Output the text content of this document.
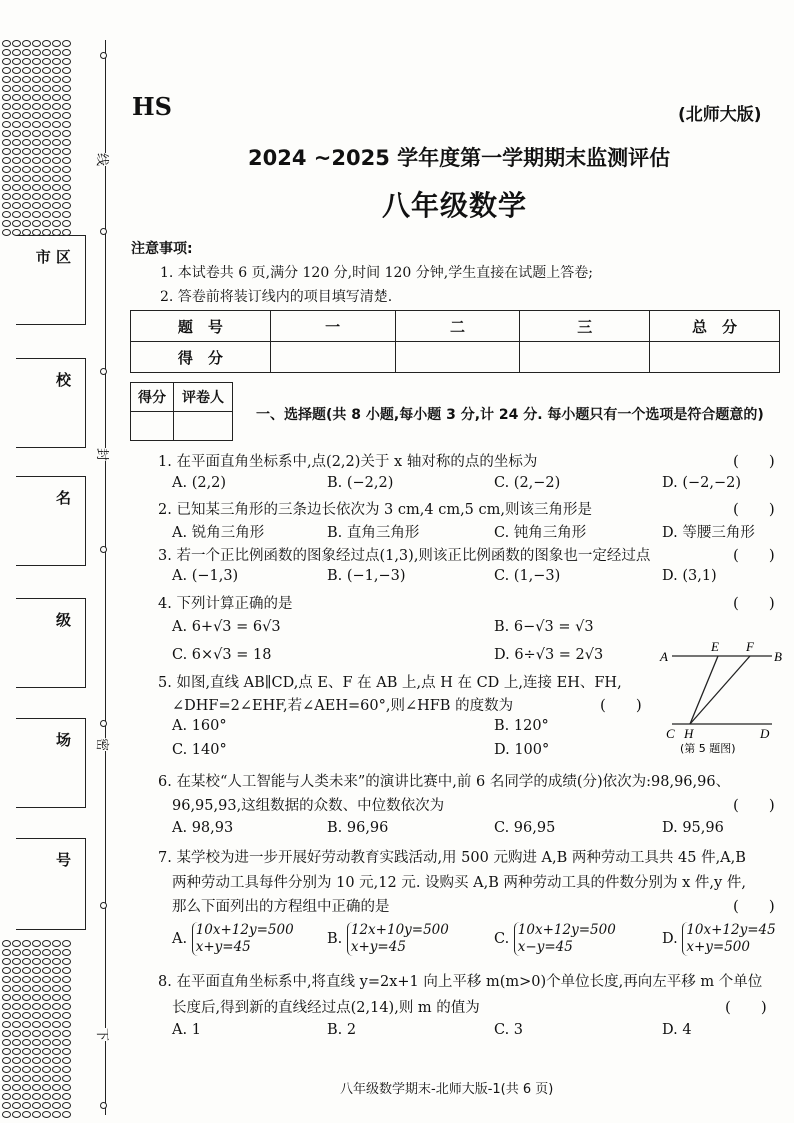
线
封
密
下
市 区
校
名
级
场
号
HS	(北师大版)
2024 ~2025 学年度第一学期期末监测评估
八年级数学
注意事项:
1. 本试卷共 6 页,满分 120 分,时间 120 分钟,学生直接在试题上答卷;
2. 答卷前将装订线内的项目填写清楚.
题　号	一	二	三	总　分
得　分				
得分	评卷人

一、选择题(共 8 小题,每小题 3 分,计 24 分. 每小题只有一个选项是符合题意的)
1. 在平面直角坐标系中,点(2,2)关于 x 轴对称的点的坐标为	(　　)
A. (2,2)	B. (−2,2)	C. (2,−2)	D. (−2,−2)
2. 已知某三角形的三条边长依次为 3 cm,4 cm,5 cm,则该三角形是	(　　)
A. 锐角三角形	B. 直角三角形	C. 钝角三角形	D. 等腰三角形
3. 若一个正比例函数的图象经过点(1,3),则该正比例函数的图象也一定经过点	(　　)
A. (−1,3)	B. (−1,−3)	C. (1,−3)	D. (3,1)
4. 下列计算正确的是	(　　)
A. 6+√3 = 6√3	B. 6−√3 = √3
C. 6×√3 = 18	D. 6÷√3 = 2√3
5. 如图,直线 AB∥CD,点 E、F 在 AB 上,点 H 在 CD 上,连接 EH、FH,
∠DHF=2∠EHF,若∠AEH=60°,则∠HFB 的度数为	(　　)
A. 160°	B. 120°
C. 140°	D. 100°
A
E F
B
C H	D
(第 5 题图)
6. 在某校“人工智能与人类未来”的演讲比赛中,前 6 名同学的成绩(分)依次为:98,96,96、
96,95,93,这组数据的众数、中位数依次为	(　　)
A. 98,93	B. 96,96	C. 96,95	D. 95,96
7. 某学校为进一步开展好劳动教育实践活动,用 500 元购进 A,B 两种劳动工具共 45 件,A,B
两种劳动工具每件分别为 10 元,12 元. 设购买 A,B 两种劳动工具的件数分别为 x 件,y 件,
那么下面列出的方程组中正确的是	(　　)
A. 10x+12y=500
x+y=45	B. 12x+10y=500
x+y=45	C. 10x+12y=500
x−y=45	D. 10x+12y=45
x+y=500
8. 在平面直角坐标系中,将直线 y=2x+1 向上平移 m(m>0)个单位长度,再向左平移 m 个单位
长度后,得到新的直线经过点(2,14),则 m 的值为	(　　)
A. 1	B. 2	C. 3	D. 4
八年级数学期末-北师大版-1(共 6 页)
